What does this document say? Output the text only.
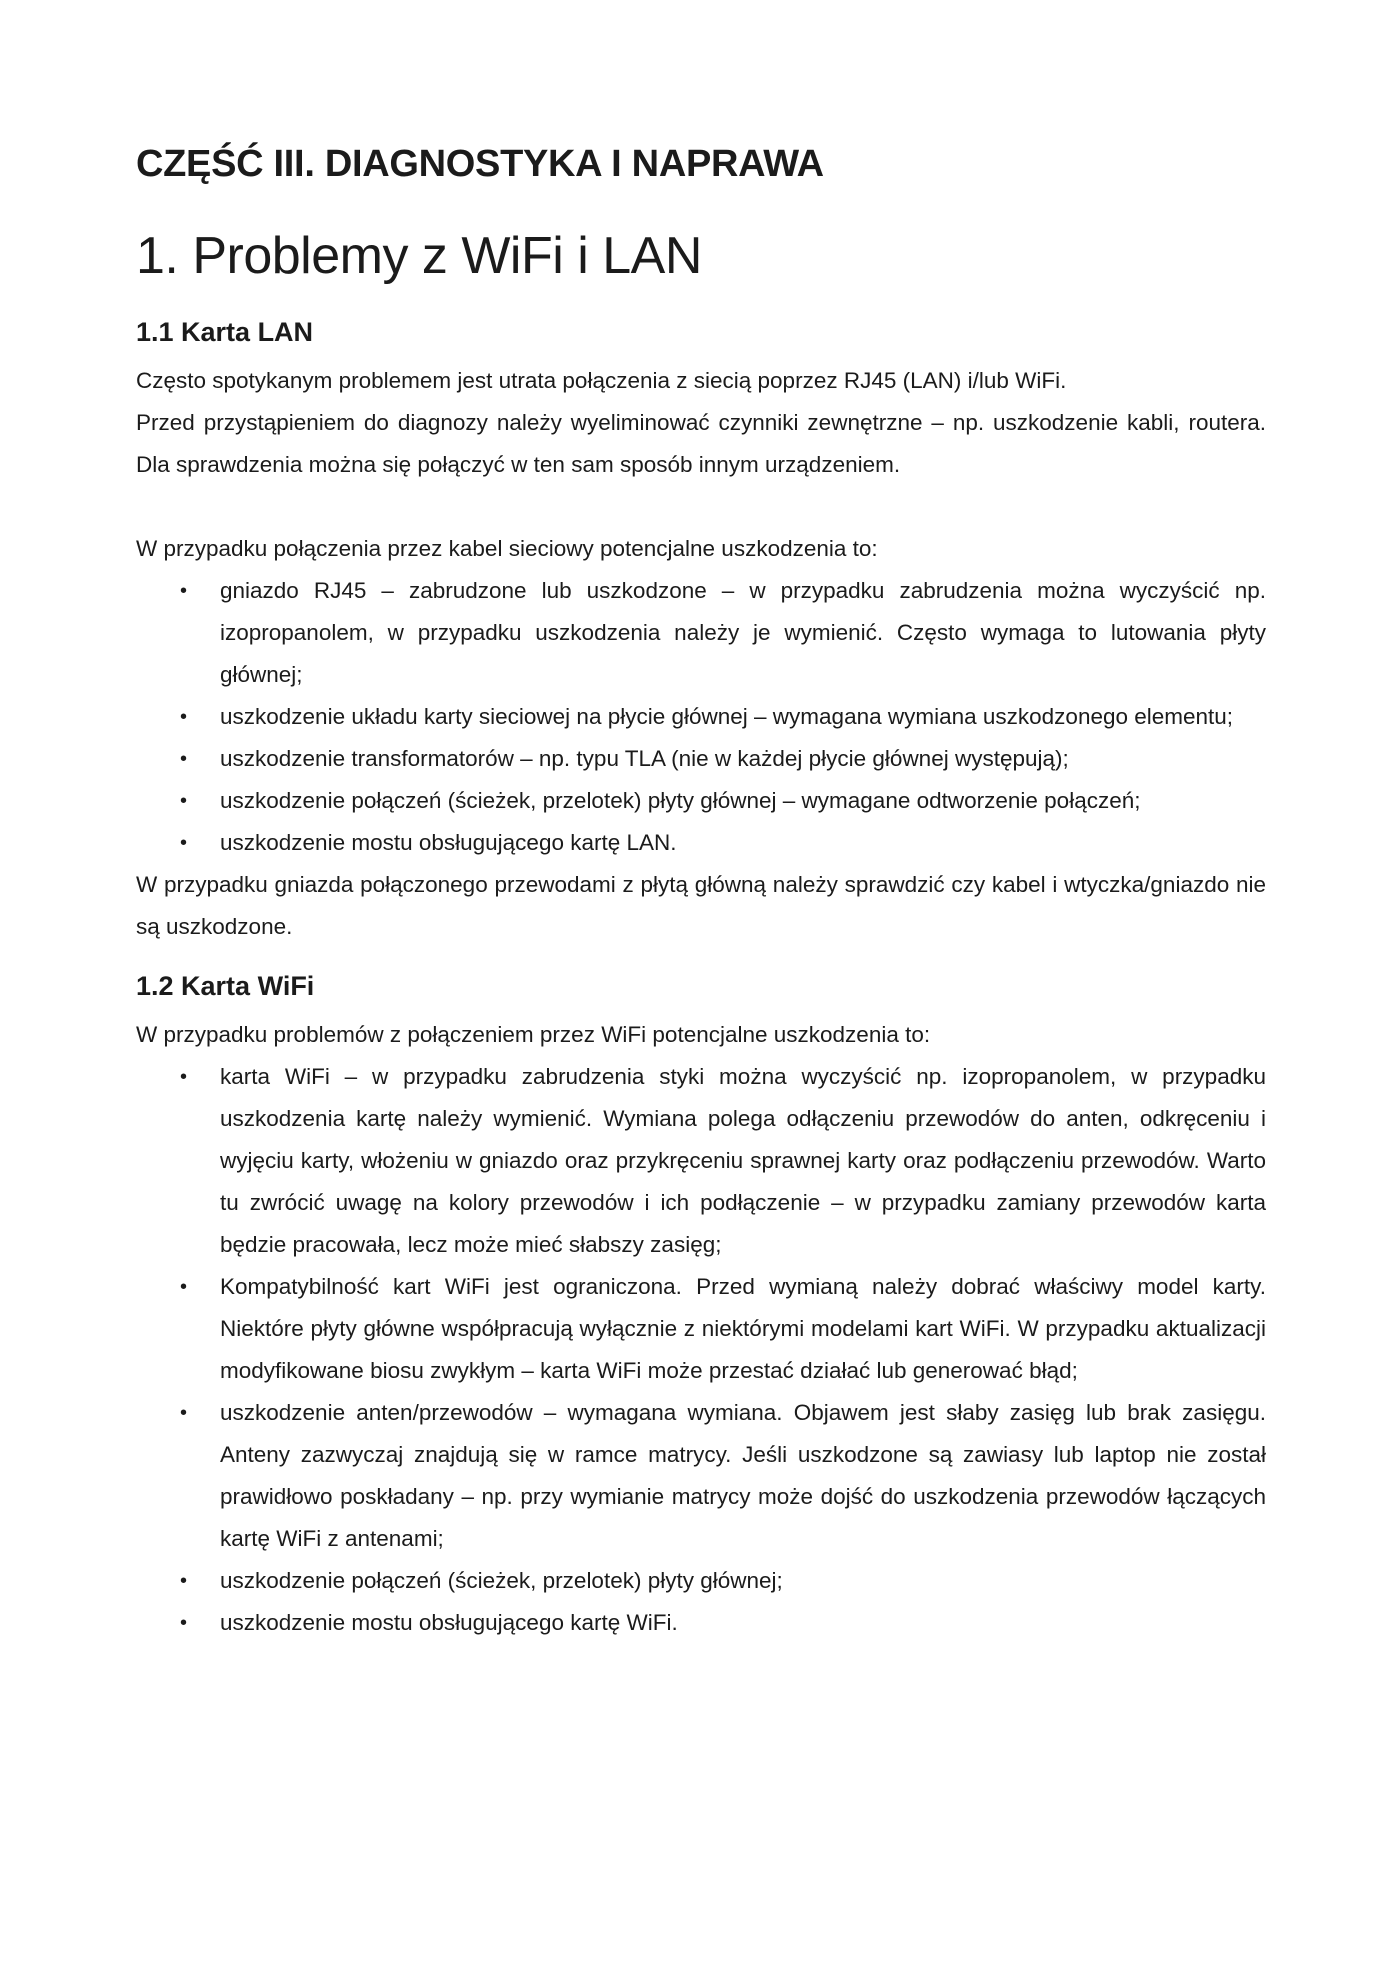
CZĘŚĆ III. DIAGNOSTYKA I NAPRAWA
1. Problemy z WiFi i LAN
1.1 Karta LAN

Często spotykanym problemem jest utrata połączenia z siecią poprzez RJ45 (LAN) i/lub WiFi.

Przed przystąpieniem do diagnozy należy wyeliminować czynniki zewnętrzne – np. uszkodzenie kabli, routera. Dla sprawdzenia można się połączyć w ten sam sposób innym urządzeniem.

W przypadku połączenia przez kabel sieciowy potencjalne uszkodzenia to:

• gniazdo RJ45 – zabrudzone lub uszkodzone – w przypadku zabrudzenia można wyczyścić np. izopropanolem, w przypadku uszkodzenia należy je wymienić. Często wymaga to lutowania płyty głównej;
• uszkodzenie układu karty sieciowej na płycie głównej – wymagana wymiana uszkodzonego elementu;
• uszkodzenie transformatorów – np. typu TLA (nie w każdej płycie głównej występują);
• uszkodzenie połączeń (ścieżek, przelotek) płyty głównej – wymagane odtworzenie połączeń;
• uszkodzenie mostu obsługującego kartę LAN.

W przypadku gniazda połączonego przewodami z płytą główną należy sprawdzić czy kabel i wtyczka/gniazdo nie są uszkodzone.

1.2 Karta WiFi

W przypadku problemów z połączeniem przez WiFi potencjalne uszkodzenia to:

• karta WiFi – w przypadku zabrudzenia styki można wyczyścić np. izopropanolem, w przypadku uszkodzenia kartę należy wymienić. Wymiana polega odłączeniu przewodów do anten, odkręceniu i wyjęciu karty, włożeniu w gniazdo oraz przykręceniu sprawnej karty oraz podłączeniu przewodów. Warto tu zwrócić uwagę na kolory przewodów i ich podłączenie – w przypadku zamiany przewodów karta będzie pracowała, lecz może mieć słabszy zasięg;
• Kompatybilność kart WiFi jest ograniczona. Przed wymianą należy dobrać właściwy model karty. Niektóre płyty główne współpracują wyłącznie z niektórymi modelami kart WiFi. W przypadku aktualizacji modyfikowane biosu zwykłym – karta WiFi może przestać działać lub generować błąd;
• uszkodzenie anten/przewodów – wymagana wymiana. Objawem jest słaby zasięg lub brak zasięgu. Anteny zazwyczaj znajdują się w ramce matrycy. Jeśli uszkodzone są zawiasy lub laptop nie został prawidłowo poskładany – np. przy wymianie matrycy może dojść do uszkodzenia przewodów łączących kartę WiFi z antenami;
• uszkodzenie połączeń (ścieżek, przelotek) płyty głównej;
• uszkodzenie mostu obsługującego kartę WiFi.
